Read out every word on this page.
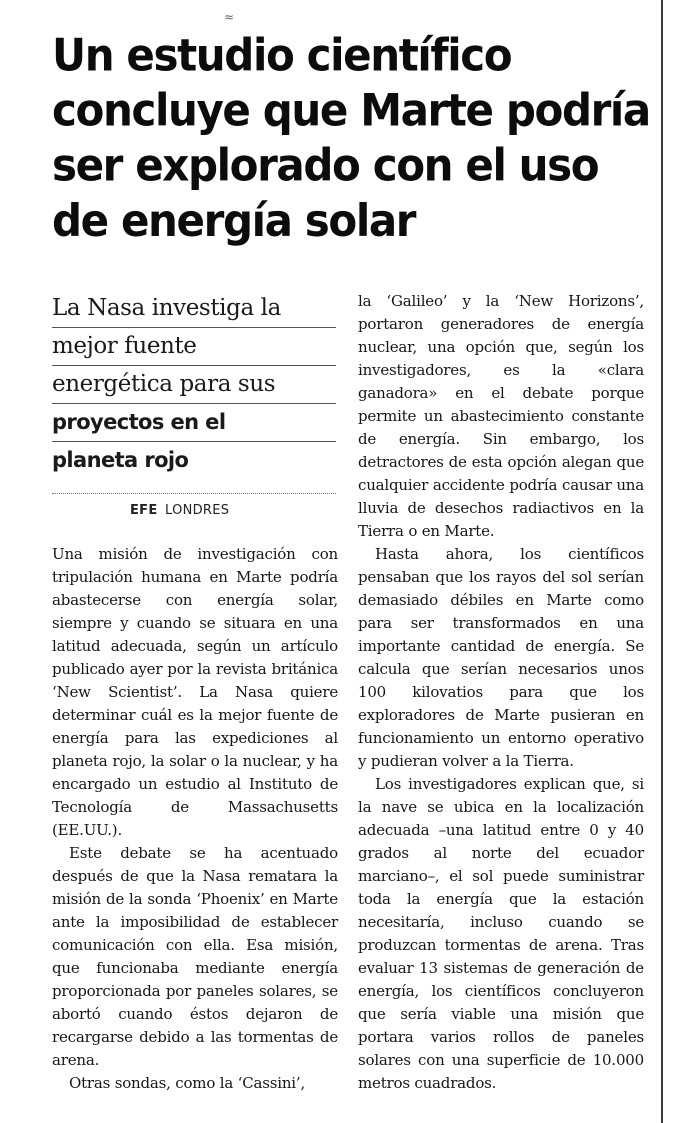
≈
Un estudio científico concluye que Marte podría ser explorado con el uso de energía solar
La Nasa investiga la
mejor fuente
energética para sus
proyectos en el
planeta rojo
EFE LONDRES

Una misión de investigación con tripulación humana en Marte podría abastecerse con energía solar, siempre y cuando se situara en una latitud adecuada, según un artículo publicado ayer por la revista británica ‘New Scientist’. La Nasa quiere determinar cuál es la mejor fuente de energía para las expediciones al planeta rojo, la solar o la nuclear, y ha encargado un estudio al Instituto de Tecnología de Massachusetts (EE.UU.).

Este debate se ha acentuado después de que la Nasa rematara la misión de la sonda ‘Phoenix’ en Marte ante la imposibilidad de establecer comunicación con ella. Esa misión, que funcionaba mediante energía proporcionada por paneles solares, se abortó cuando éstos dejaron de recargarse debido a las tormentas de arena.

Otras sondas, como la ‘Cassini’,

la ‘Galileo’ y la ‘New Horizons’, portaron generadores de energía nuclear, una opción que, según los investigadores, es la «clara ganadora» en el debate porque permite un abastecimiento constante de energía. Sin embargo, los detractores de esta opción alegan que cualquier accidente podría causar una lluvia de desechos radiactivos en la Tierra o en Marte.

Hasta ahora, los científicos pensaban que los rayos del sol serían demasiado débiles en Marte como para ser transformados en una importante cantidad de energía. Se calcula que serían necesarios unos 100 kilovatios para que los exploradores de Marte pusieran en funcionamiento un entorno operativo y pudieran volver a la Tierra.

Los investigadores explican que, si la nave se ubica en la localización adecuada –una latitud entre 0 y 40 grados al norte del ecuador marciano–, el sol puede suministrar toda la energía que la estación necesitaría, incluso cuando se produzcan tormentas de arena. Tras evaluar 13 sistemas de generación de energía, los científicos concluyeron que sería viable una misión que portara varios rollos de paneles solares con una superficie de 10.000 metros cuadrados.
